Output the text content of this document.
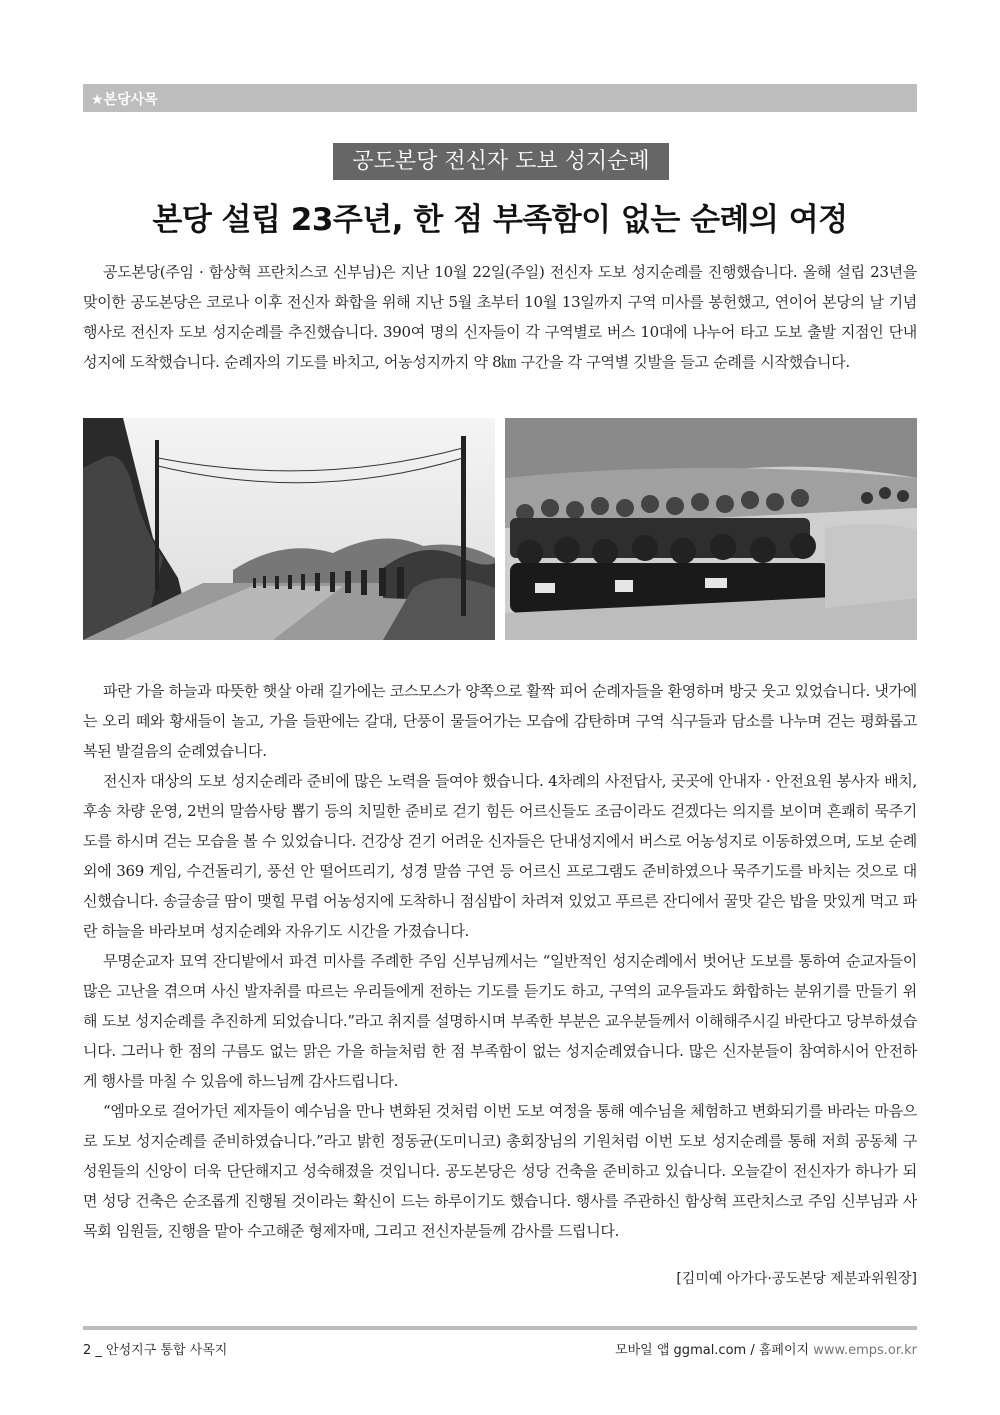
★본당사목
공도본당 전신자 도보 성지순례
본당 설립 23주년, 한 점 부족함이 없는 순례의 여정

공도본당(주임 · 함상혁 프란치스코 신부님)은 지난 10월 22일(주일) 전신자 도보 성지순례를 진행했습니다. 올해 설립 23년을 맞이한 공도본당은 코로나 이후 전신자 화합을 위해 지난 5월 초부터 10월 13일까지 구역 미사를 봉헌했고, 연이어 본당의 날 기념행사로 전신자 도보 성지순례를 추진했습니다. 390여 명의 신자들이 각 구역별로 버스 10대에 나누어 타고 도보 출발 지점인 단내성지에 도착했습니다. 순례자의 기도를 바치고, 어농성지까지 약 8㎞ 구간을 각 구역별 깃발을 들고 순례를 시작했습니다.

파란 가을 하늘과 따뜻한 햇살 아래 길가에는 코스모스가 양쪽으로 활짝 피어 순례자들을 환영하며 방긋 웃고 있었습니다. 냇가에는 오리 떼와 황새들이 놀고, 가을 들판에는 갈대, 단풍이 물들어가는 모습에 감탄하며 구역 식구들과 담소를 나누며 걷는 평화롭고 복된 발걸음의 순례였습니다.

전신자 대상의 도보 성지순례라 준비에 많은 노력을 들여야 했습니다. 4차례의 사전답사, 곳곳에 안내자 · 안전요원 봉사자 배치, 후송 차량 운영, 2번의 말씀사탕 뽑기 등의 치밀한 준비로 걷기 힘든 어르신들도 조금이라도 걷겠다는 의지를 보이며 흔쾌히 묵주기도를 하시며 걷는 모습을 볼 수 있었습니다. 건강상 걷기 어려운 신자들은 단내성지에서 버스로 어농성지로 이동하였으며, 도보 순례 외에 369 게임, 수건돌리기, 풍선 안 떨어뜨리기, 성경 말씀 구연 등 어르신 프로그램도 준비하였으나 묵주기도를 바치는 것으로 대신했습니다. 송글송글 땀이 맺힐 무렵 어농성지에 도착하니 점심밥이 차려져 있었고 푸르른 잔디에서 꿀맛 같은 밥을 맛있게 먹고 파란 하늘을 바라보며 성지순례와 자유기도 시간을 가졌습니다.

무명순교자 묘역 잔디밭에서 파견 미사를 주례한 주임 신부님께서는 “일반적인 성지순례에서 벗어난 도보를 통하여 순교자들이 많은 고난을 겪으며 사신 발자취를 따르는 우리들에게 전하는 기도를 듣기도 하고, 구역의 교우들과도 화합하는 분위기를 만들기 위해 도보 성지순례를 추진하게 되었습니다.”라고 취지를 설명하시며 부족한 부분은 교우분들께서 이해해주시길 바란다고 당부하셨습니다. 그러나 한 점의 구름도 없는 맑은 가을 하늘처럼 한 점 부족함이 없는 성지순례였습니다. 많은 신자분들이 참여하시어 안전하게 행사를 마칠 수 있음에 하느님께 감사드립니다.

“엠마오로 걸어가던 제자들이 예수님을 만나 변화된 것처럼 이번 도보 여정을 통해 예수님을 체험하고 변화되기를 바라는 마음으로 도보 성지순례를 준비하였습니다.”라고 밝힌 정동균(도미니코) 총회장님의 기원처럼 이번 도보 성지순례를 통해 저희 공동체 구성원들의 신앙이 더욱 단단해지고 성숙해졌을 것입니다. 공도본당은 성당 건축을 준비하고 있습니다. 오늘같이 전신자가 하나가 되면 성당 건축은 순조롭게 진행될 것이라는 확신이 드는 하루이기도 했습니다. 행사를 주관하신 함상혁 프란치스코 주임 신부님과 사목회 임원들, 진행을 맡아 수고해준 형제자매, 그리고 전신자분들께 감사를 드립니다.

[김미예 아가다·공도본당 제분과위원장]
2 _ 안성지구 통합 사목지	모바일 앱 ggmal.com / 홈페이지 www.emps.or.kr
